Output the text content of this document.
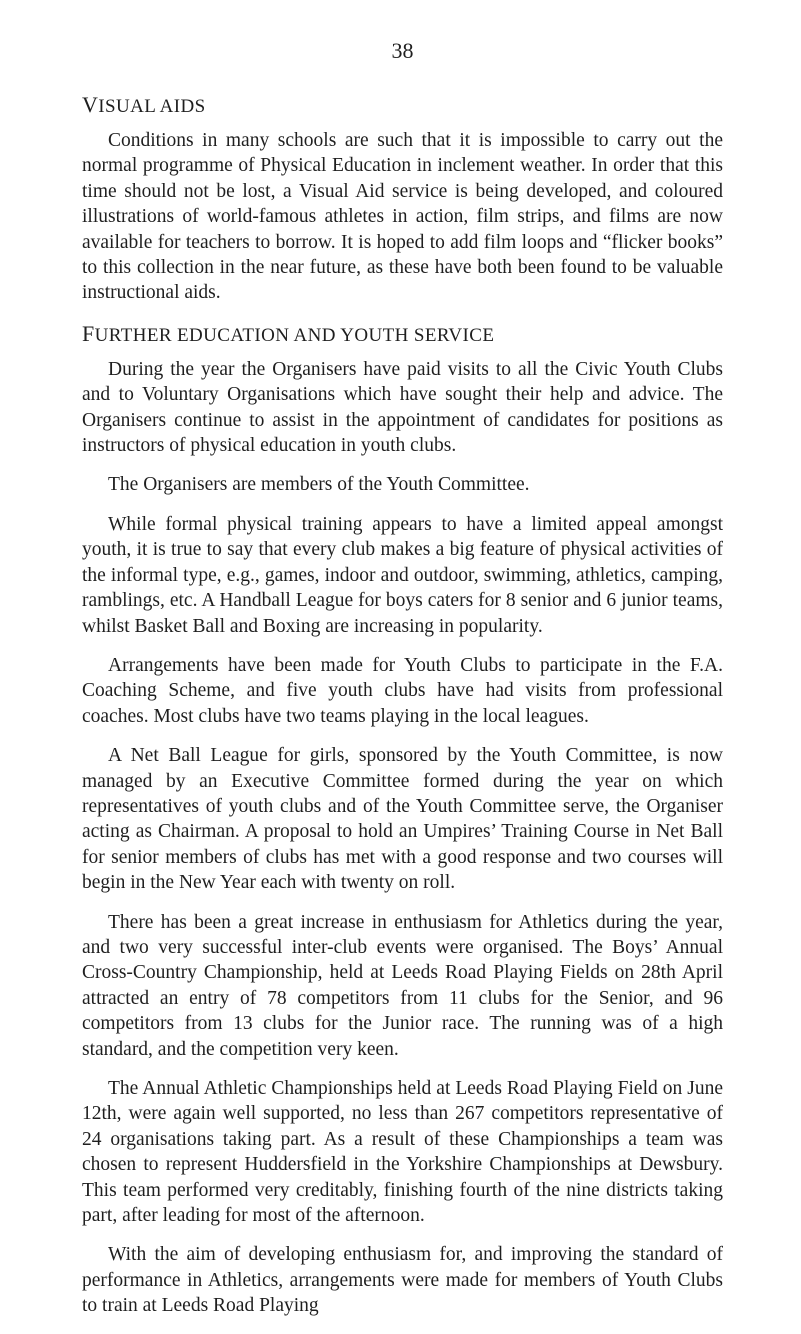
38
VISUAL AIDS

Conditions in many schools are such that it is impossible to carry out the normal programme of Physical Education in inclement weather. In order that this time should not be lost, a Visual Aid service is being developed, and coloured illustrations of world-famous athletes in action, film strips, and films are now available for teachers to borrow. It is hoped to add film loops and “flicker books” to this collection in the near future, as these have both been found to be valuable instructional aids.

FURTHER EDUCATION AND YOUTH SERVICE

During the year the Organisers have paid visits to all the Civic Youth Clubs and to Voluntary Organisations which have sought their help and advice. The Organisers continue to assist in the appointment of candidates for positions as instructors of physical education in youth clubs.

The Organisers are members of the Youth Committee.

While formal physical training appears to have a limited appeal amongst youth, it is true to say that every club makes a big feature of physical activities of the informal type, e.g., games, indoor and outdoor, swimming, athletics, camping, ramblings, etc. A Handball League for boys caters for 8 senior and 6 junior teams, whilst Basket Ball and Boxing are increasing in popularity.

Arrangements have been made for Youth Clubs to participate in the F.A. Coaching Scheme, and five youth clubs have had visits from professional coaches. Most clubs have two teams playing in the local leagues.

A Net Ball League for girls, sponsored by the Youth Committee, is now managed by an Executive Committee formed during the year on which representatives of youth clubs and of the Youth Committee serve, the Organiser acting as Chairman. A proposal to hold an Umpires’ Training Course in Net Ball for senior members of clubs has met with a good response and two courses will begin in the New Year each with twenty on roll.

There has been a great increase in enthusiasm for Athletics during the year, and two very successful inter-club events were organised. The Boys’ Annual Cross-Country Championship, held at Leeds Road Playing Fields on 28th April attracted an entry of 78 competitors from 11 clubs for the Senior, and 96 competitors from 13 clubs for the Junior race. The running was of a high standard, and the competition very keen.

The Annual Athletic Championships held at Leeds Road Playing Field on June 12th, were again well supported, no less than 267 competitors representative of 24 organisations taking part. As a result of these Championships a team was chosen to represent Huddersfield in the Yorkshire Championships at Dewsbury. This team performed very creditably, finishing fourth of the nine districts taking part, after leading for most of the afternoon.

With the aim of developing enthusiasm for, and improving the standard of performance in Athletics, arrangements were made for members of Youth Clubs to train at Leeds Road Playing
